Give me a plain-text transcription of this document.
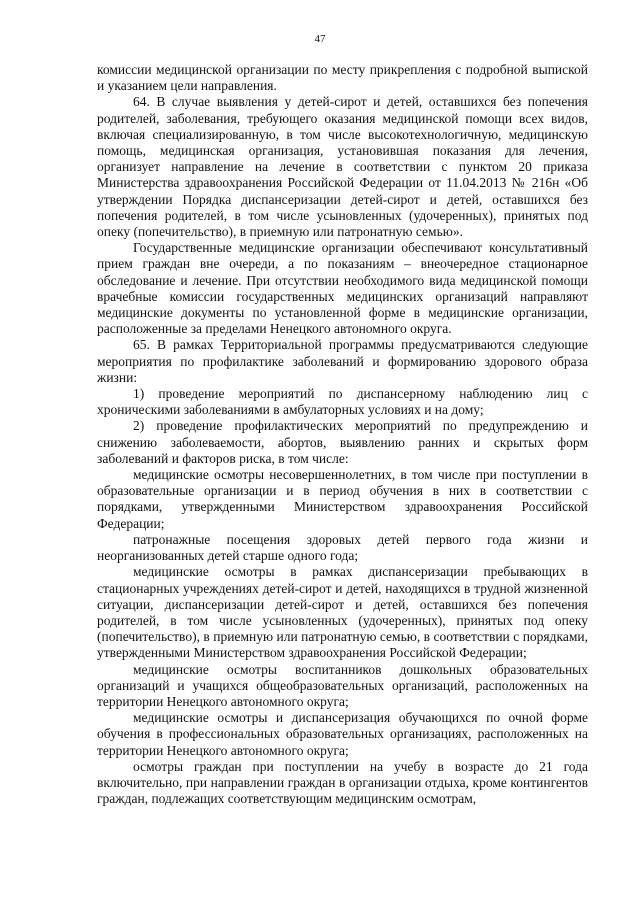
47

комиссии медицинской организации по месту прикрепления с подробной выпиской и указанием цели направления.

64. В случае выявления у детей-сирот и детей, оставшихся без попечения родителей, заболевания, требующего оказания медицинской помощи всех видов, включая специализированную, в том числе высокотехнологичную, медицинскую помощь, медицинская организация, установившая показания для лечения, организует направление на лечение в соответствии с пунктом 20 приказа Министерства здравоохранения Российской Федерации от 11.04.2013 № 216н «Об утверждении Порядка диспансеризации детей-сирот и детей, оставшихся без попечения родителей, в том числе усыновленных (удочеренных), принятых под опеку (попечительство), в приемную или патронатную семью».

Государственные медицинские организации обеспечивают консультативный прием граждан вне очереди, а по показаниям – внеочередное стационарное обследование и лечение. При отсутствии необходимого вида медицинской помощи врачебные комиссии государственных медицинских организаций направляют медицинские документы по установленной форме в медицинские организации, расположенные за пределами Ненецкого автономного округа.

65. В рамках Территориальной программы предусматриваются следующие мероприятия по профилактике заболеваний и формированию здорового образа жизни:

1) проведение мероприятий по диспансерному наблюдению лиц с хроническими заболеваниями в амбулаторных условиях и на дому;

2) проведение профилактических мероприятий по предупреждению и снижению заболеваемости, абортов, выявлению ранних и скрытых форм заболеваний и факторов риска, в том числе:

медицинские осмотры несовершеннолетних, в том числе при поступлении в образовательные организации и в период обучения в них в соответствии с порядками, утвержденными Министерством здравоохранения Российской Федерации;

патронажные посещения здоровых детей первого года жизни и неорганизованных детей старше одного года;

медицинские осмотры в рамках диспансеризации пребывающих в стационарных учреждениях детей-сирот и детей, находящихся в трудной жизненной ситуации, диспансеризации детей-сирот и детей, оставшихся без попечения родителей, в том числе усыновленных (удочеренных), принятых под опеку (попечительство), в приемную или патронатную семью, в соответствии с порядками, утвержденными Министерством здравоохранения Российской Федерации;

медицинские осмотры воспитанников дошкольных образовательных организаций и учащихся общеобразовательных организаций, расположенных на территории Ненецкого автономного округа;

медицинские осмотры и диспансеризация обучающихся по очной форме обучения в профессиональных образовательных организациях, расположенных на территории Ненецкого автономного округа;

осмотры граждан при поступлении на учебу в возрасте до 21 года включительно, при направлении граждан в организации отдыха, кроме контингентов граждан, подлежащих соответствующим медицинским осмотрам,
